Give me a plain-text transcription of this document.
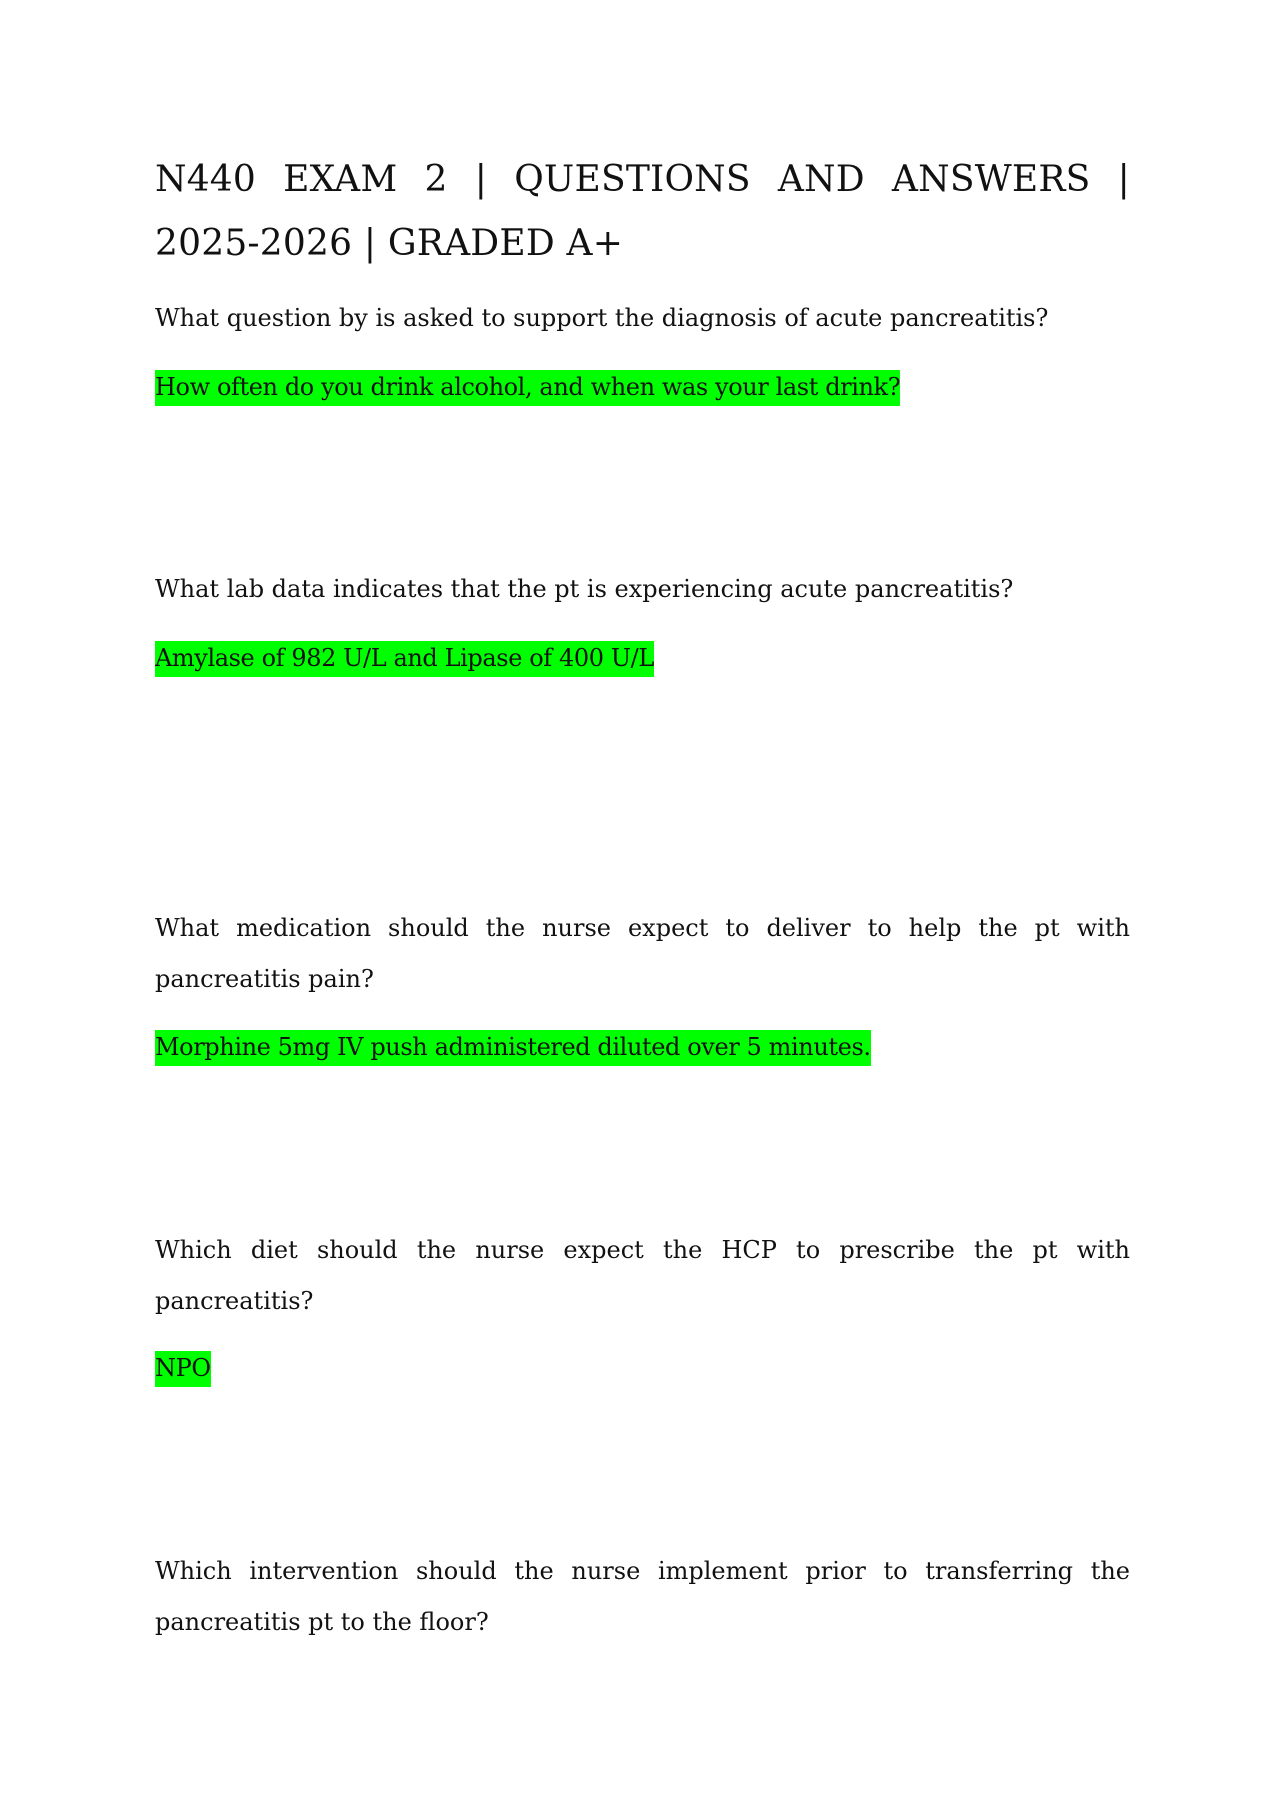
N440 EXAM 2 | QUESTIONS AND ANSWERS | 2025-2026 | GRADED A+

What question by is asked to support the diagnosis of acute pancreatitis?

How often do you drink alcohol, and when was your last drink?

What lab data indicates that the pt is experiencing acute pancreatitis?

Amylase of 982 U/L and Lipase of 400 U/L

What medication should the nurse expect to deliver to help the pt with pancreatitis pain?

Morphine 5mg IV push administered diluted over 5 minutes.

Which diet should the nurse expect the HCP to prescribe the pt with pancreatitis?

NPO

Which intervention should the nurse implement prior to transferring the pancreatitis pt to the floor?
